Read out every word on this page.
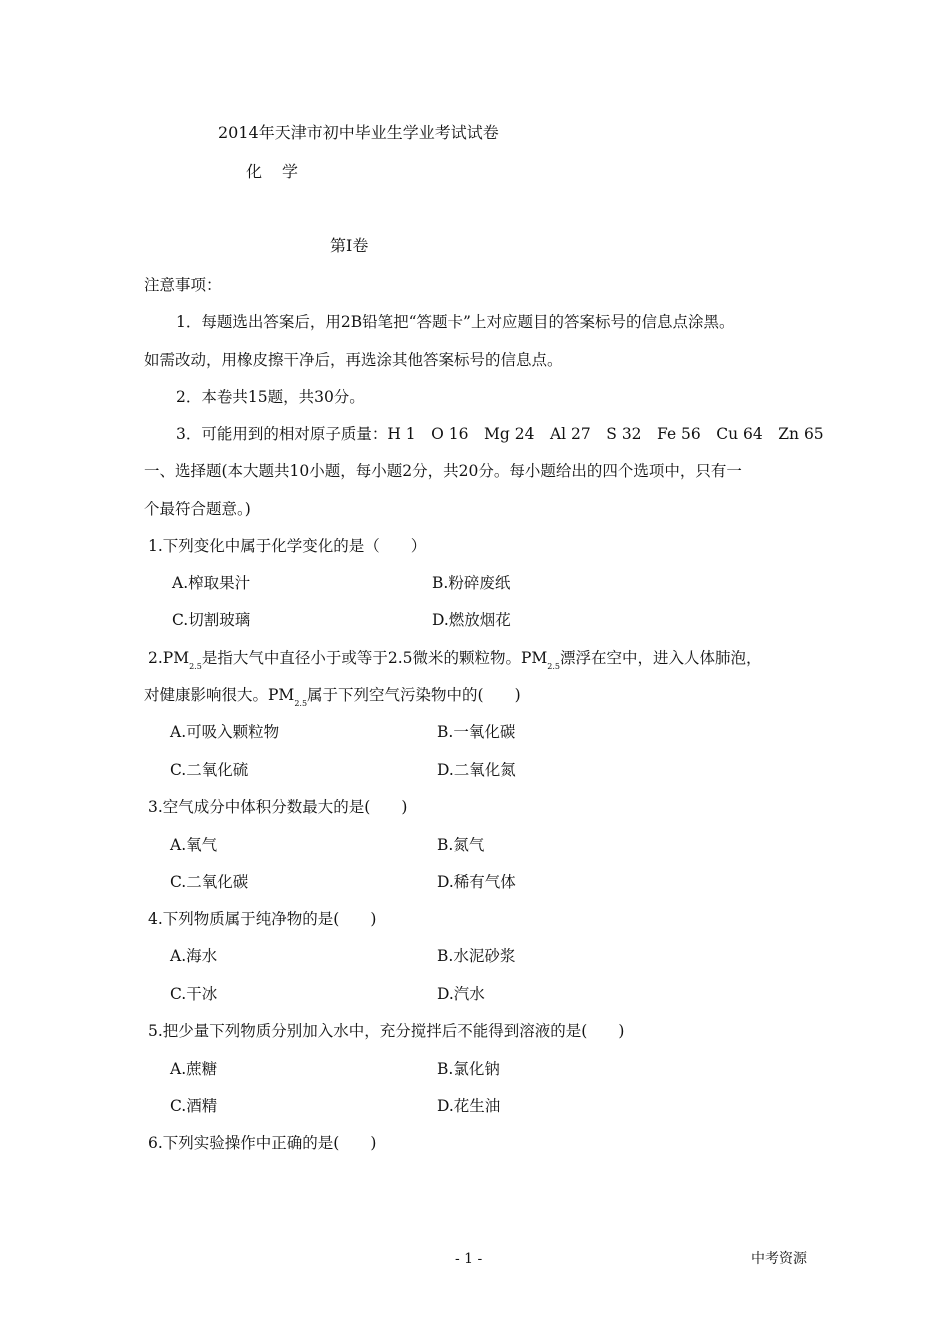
2014年天津市初中毕业生学业考试试卷
化　学
第Ⅰ卷
注意事项：
1．每题选出答案后，用2B铅笔把“答题卡”上对应题目的答案标号的信息点涂黑。
如需改动，用橡皮擦干净后，再选涂其他答案标号的信息点。
2．本卷共15题，共30分。
3．可能用到的相对原子质量：H 1　O 16　Mg 24　Al 27　S 32　Fe 56　Cu 64　Zn 65
一、选择题(本大题共10小题，每小题2分，共20分。每小题给出的四个选项中，只有一
个最符合题意。)
1.下列变化中属于化学变化的是（　　）
A.榨取果汁	B.粉碎废纸
C.切割玻璃	D.燃放烟花
$2.PM_{2.5}$是指大气中直径小于或等于2.5微米的颗粒物。$PM_{2.5}$漂浮在空中，进入人体肺泡，
对健康影响很大。$PM_{2.5}$属于下列空气污染物中的(　　)
A.可吸入颗粒物	B.一氧化碳
C.二氧化硫	D.二氧化氮
3.空气成分中体积分数最大的是(　　)
A.氧气	B.氮气
C.二氧化碳	D.稀有气体
4.下列物质属于纯净物的是(　　)
A.海水	B.水泥砂浆
C.干冰	D.汽水
5.把少量下列物质分别加入水中，充分搅拌后不能得到溶液的是(　　)
A.蔗糖	B.氯化钠
C.酒精	D.花生油
6.下列实验操作中正确的是(　　)
- 1 -	中考资源
